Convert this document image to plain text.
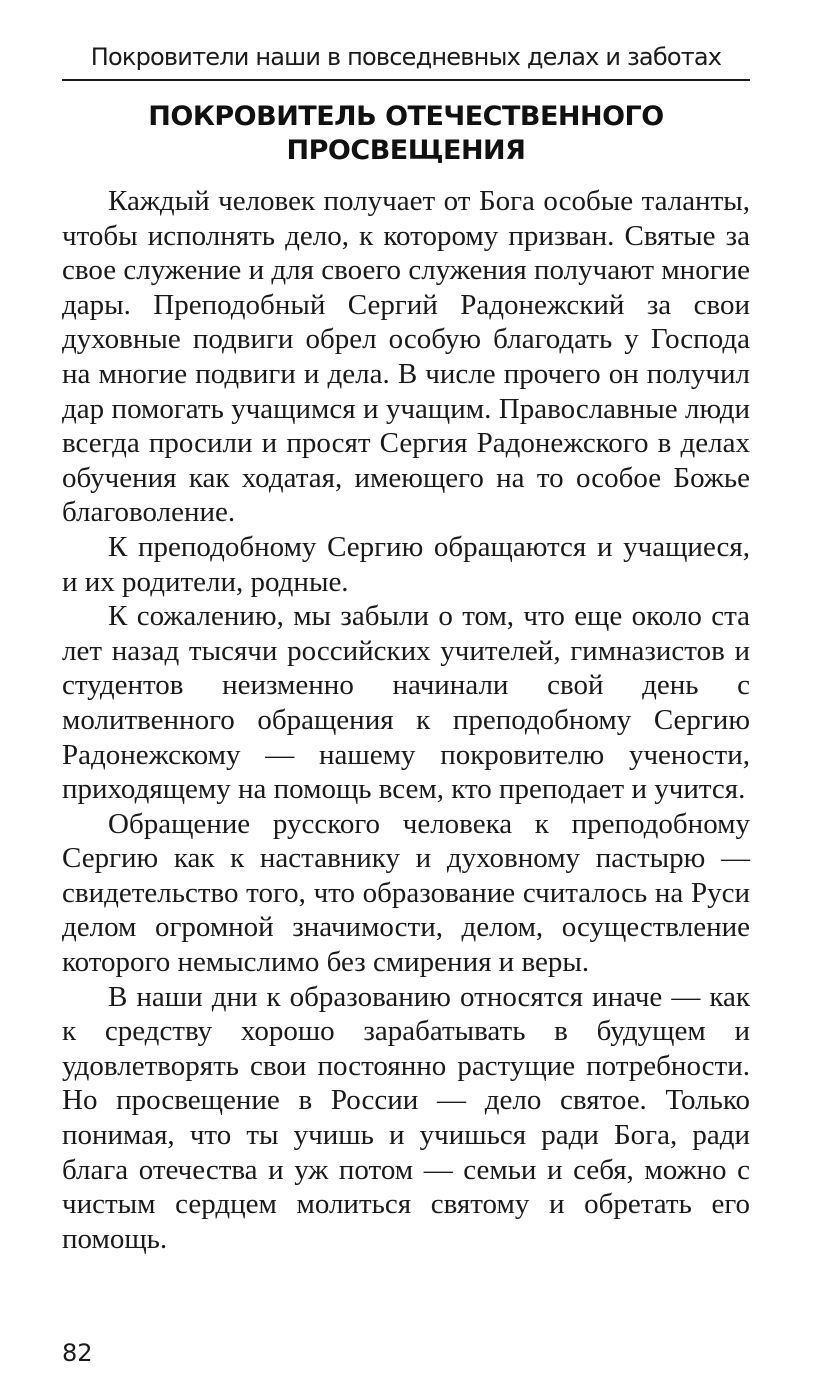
Покровители наши в повседневных делах и заботах
ПОКРОВИТЕЛЬ ОТЕЧЕСТВЕННОГО
ПРОСВЕЩЕНИЯ

Каждый человек получает от Бога особые таланты, чтобы исполнять дело, к которому призван. Святые за свое служение и для своего служения получают многие дары. Преподобный Сергий Радонежский за свои духовные подвиги обрел особую благодать у Господа на многие подвиги и дела. В числе прочего он получил дар помогать учащимся и учащим. Православные люди всегда просили и просят Сергия Радонежского в делах обучения как ходатая, имеющего на то особое Божье благоволение.

К преподобному Сергию обращаются и учащиеся, и их родители, родные.

К сожалению, мы забыли о том, что еще около ста лет назад тысячи российских учителей, гимназистов и студентов неизменно начинали свой день с молитвенного обращения к преподобному Сергию Радонежскому — нашему покровителю учености, приходящему на помощь всем, кто преподает и учится.

Обращение русского человека к преподобному Сергию как к наставнику и духовному пастырю — свидетельство того, что образование считалось на Руси делом огромной значимости, делом, осуществление которого немыслимо без смирения и веры.

В наши дни к образованию относятся иначе — как к средству хорошо зарабатывать в будущем и удовлетворять свои постоянно растущие потребности. Но просвещение в России — дело святое. Только понимая, что ты учишь и учишься ради Бога, ради блага отечества и уж потом — семьи и себя, можно с чистым сердцем молиться святому и обретать его помощь.

82
